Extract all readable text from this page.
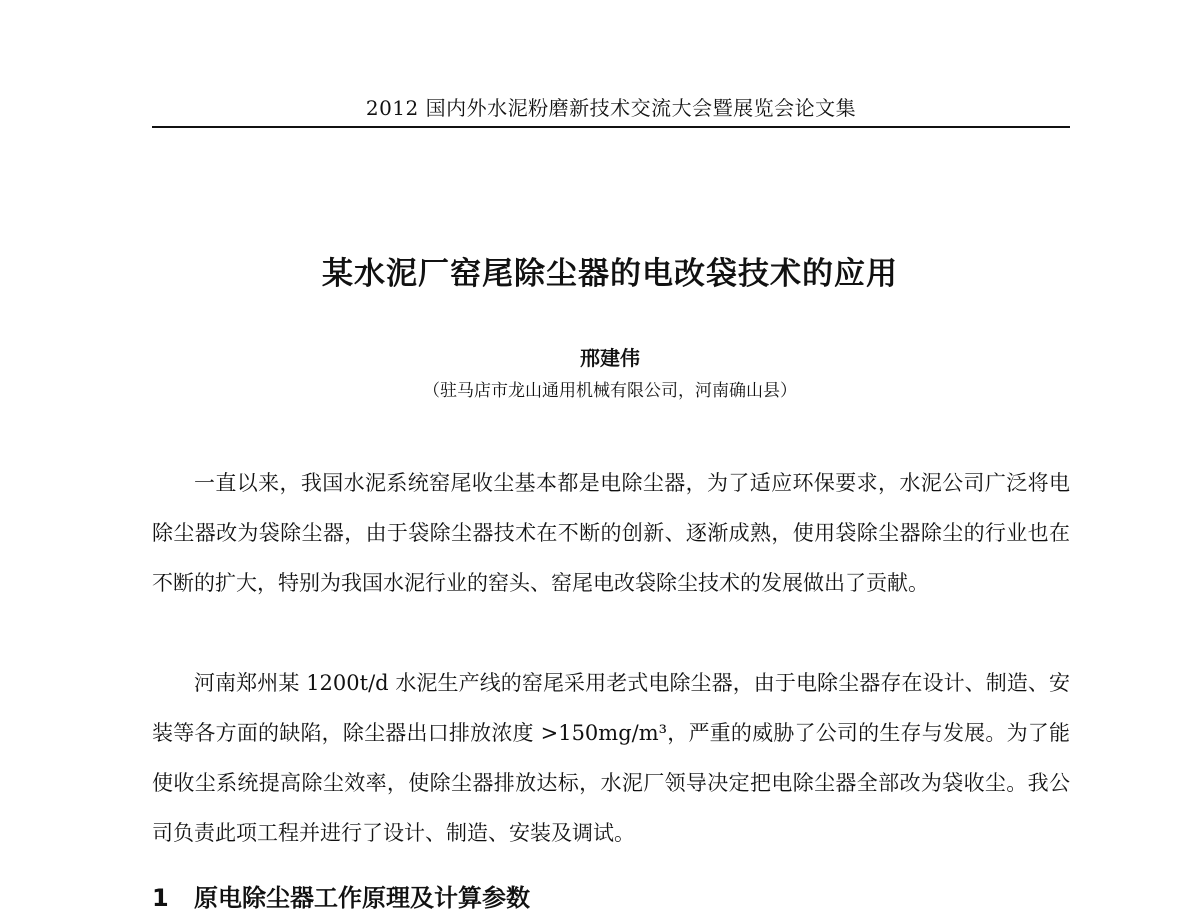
2012 国内外水泥粉磨新技术交流大会暨展览会论文集
某水泥厂窑尾除尘器的电改袋技术的应用
邢建伟
（驻马店市龙山通用机械有限公司，河南确山县）

一直以来，我国水泥系统窑尾收尘基本都是电除尘器，为了适应环保要求，水泥公司广泛将电除尘器改为袋除尘器，由于袋除尘器技术在不断的创新、逐渐成熟，使用袋除尘器除尘的行业也在不断的扩大，特别为我国水泥行业的窑头、窑尾电改袋除尘技术的发展做出了贡献。

河南郑州某 1200t/d 水泥生产线的窑尾采用老式电除尘器，由于电除尘器存在设计、制造、安装等各方面的缺陷，除尘器出口排放浓度 >150mg/m³，严重的威胁了公司的生存与发展。为了能使收尘系统提高除尘效率，使除尘器排放达标，水泥厂领导决定把电除尘器全部改为袋收尘。我公司负责此项工程并进行了设计、制造、安装及调试。

1 原电除尘器工作原理及计算参数
